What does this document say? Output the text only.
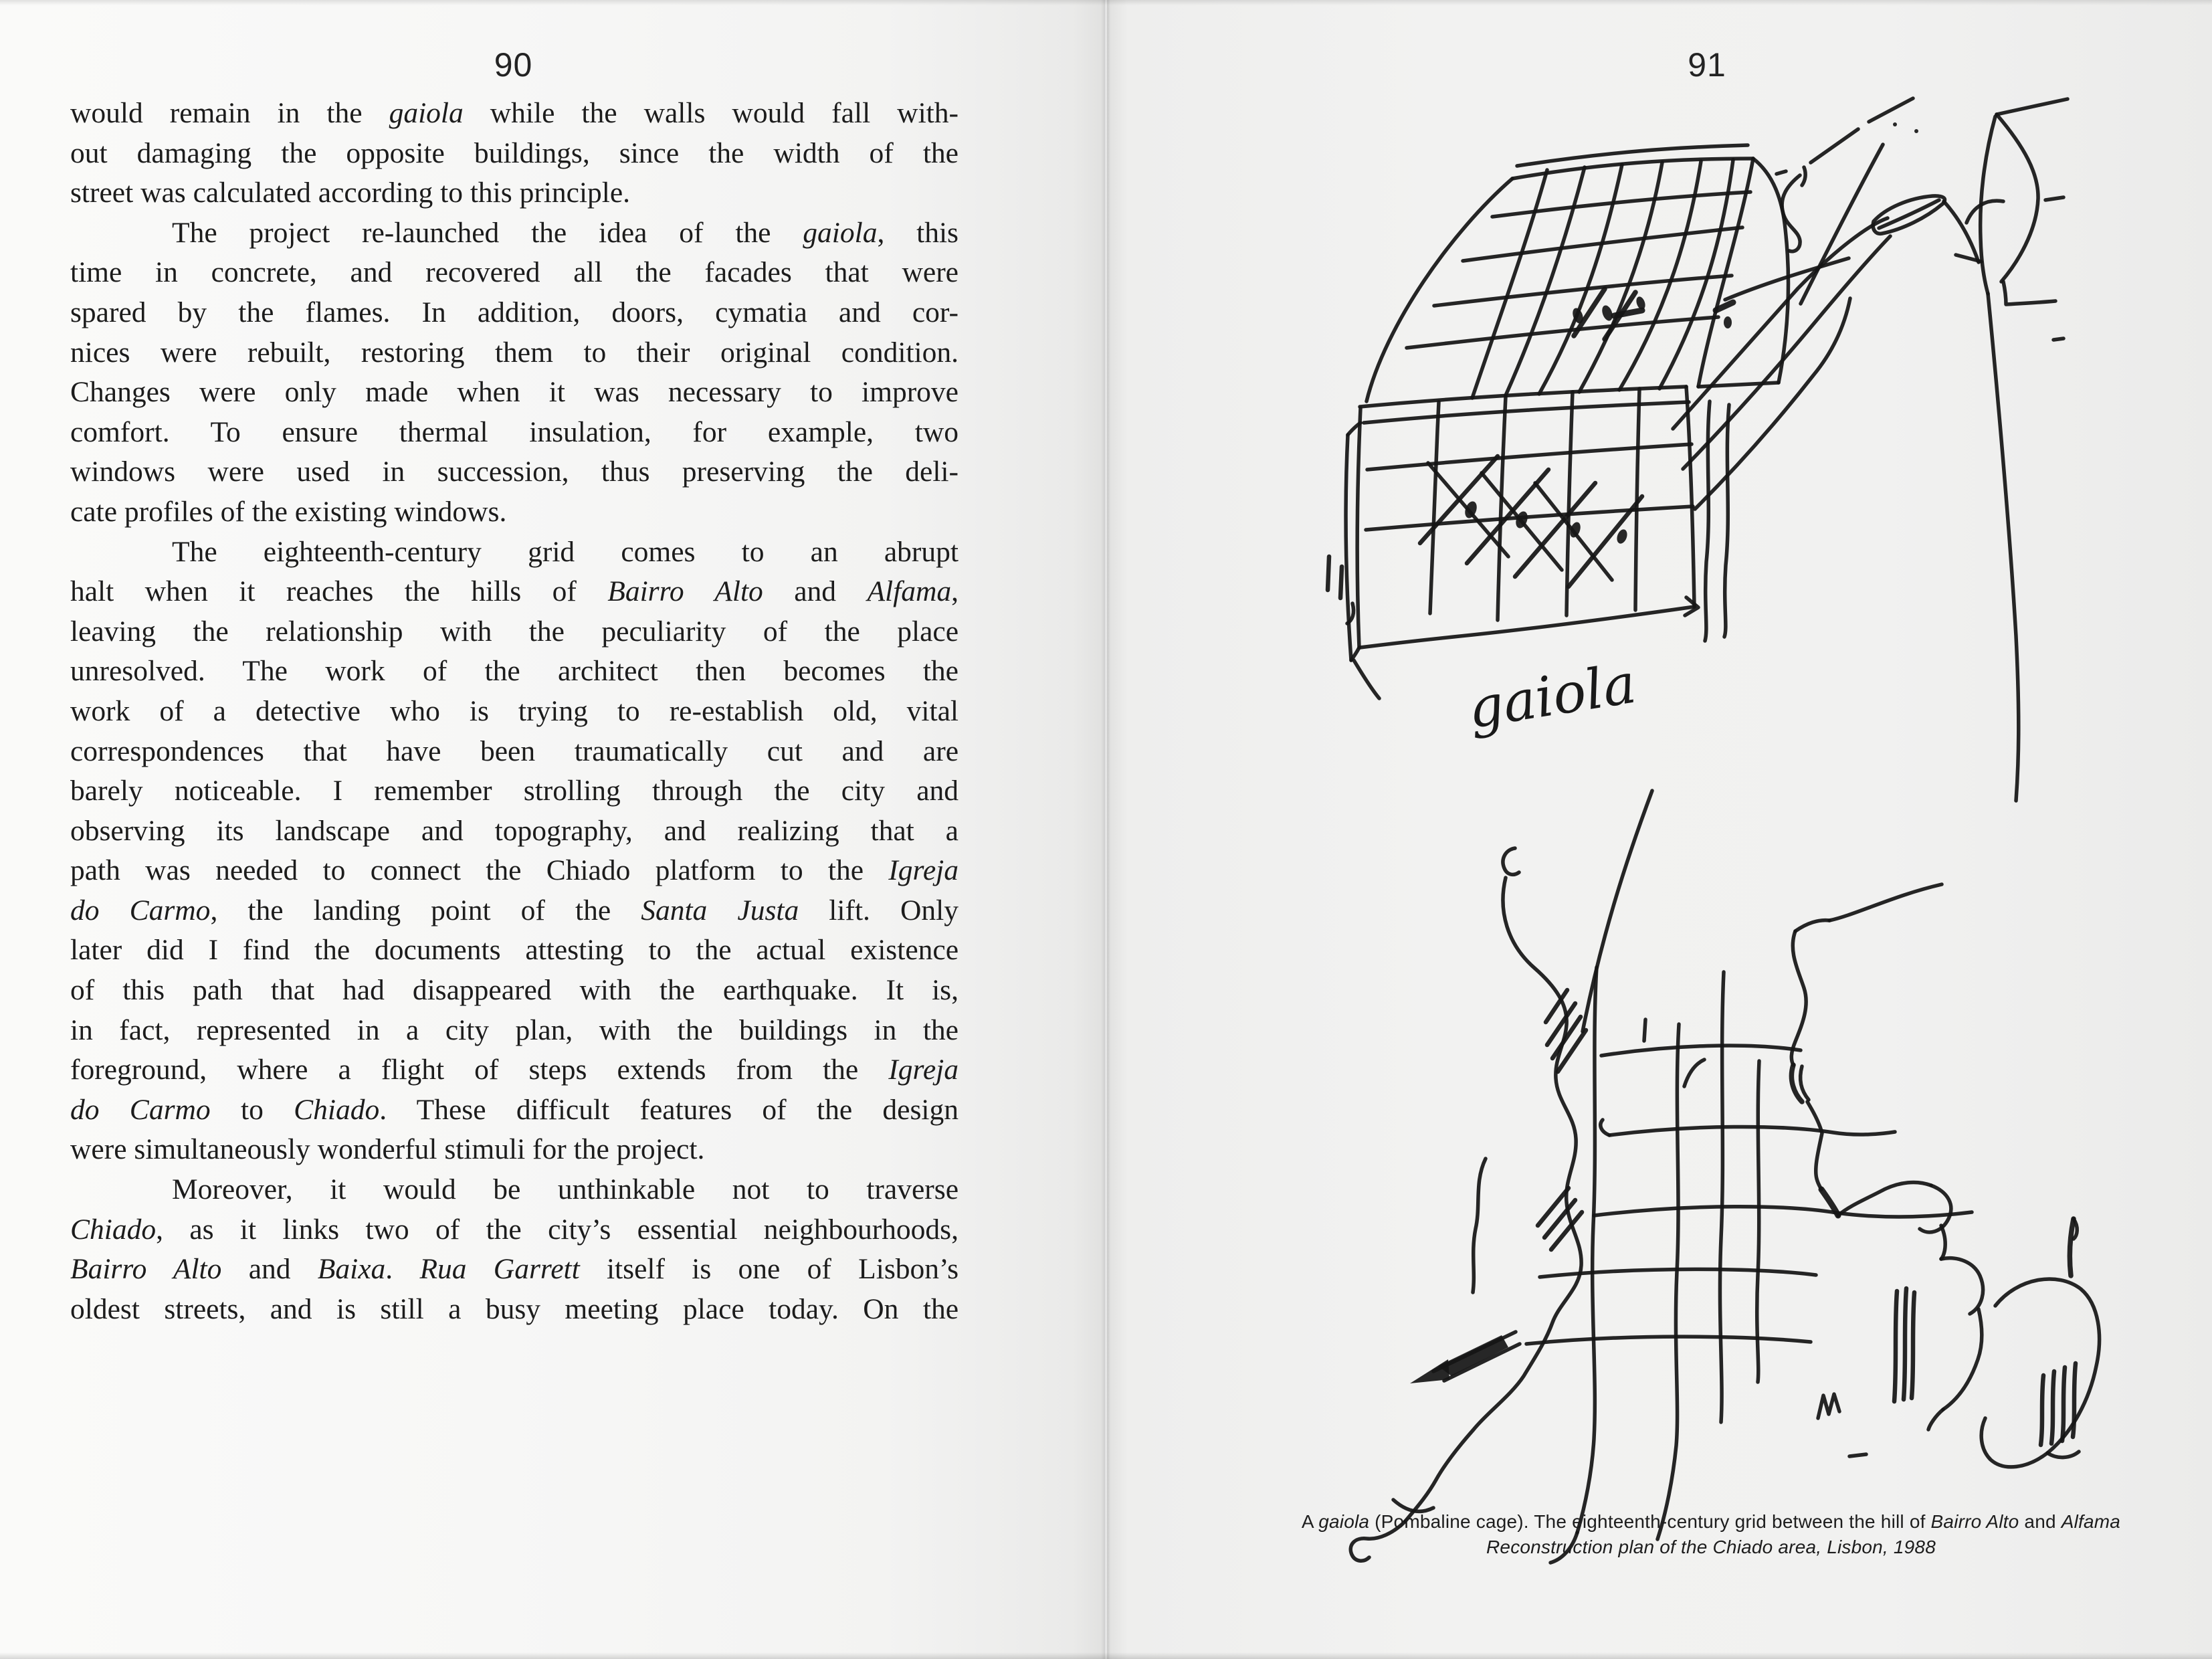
90
would remain in the gaiola while the walls would fall with-
out damaging the opposite buildings, since the width of the
street was calculated according to this principle.
The project re-launched the idea of the gaiola, this
time in concrete, and recovered all the facades that were
spared by the flames. In addition, doors, cymatia and cor-
nices were rebuilt, restoring them to their original condition.
Changes were only made when it was necessary to improve
comfort. To ensure thermal insulation, for example, two
windows were used in succession, thus preserving the deli-
cate profiles of the existing windows.
The eighteenth-century grid comes to an abrupt
halt when it reaches the hills of Bairro Alto and Alfama,
leaving the relationship with the peculiarity of the place
unresolved. The work of the architect then becomes the
work of a detective who is trying to re-establish old, vital
correspondences that have been traumatically cut and are
barely noticeable. I remember strolling through the city and
observing its landscape and topography, and realizing that a
path was needed to connect the Chiado platform to the Igreja
do Carmo, the landing point of the Santa Justa lift. Only
later did I find the documents attesting to the actual existence
of this path that had disappeared with the earthquake. It is,
in fact, represented in a city plan, with the buildings in the
foreground, where a flight of steps extends from the Igreja
do Carmo to Chiado. These difficult features of the design
were simultaneously wonderful stimuli for the project.
Moreover, it would be unthinkable not to traverse
Chiado, as it links two of the city’s essential neighbourhoods,
Bairro Alto and Baixa. Rua Garrett itself is one of Lisbon’s
oldest streets, and is still a busy meeting place today. On the
91
gaiola
A gaiola (Pombaline cage). The eighteenth-century grid between the hill of Bairro Alto and Alfama
Reconstruction plan of the Chiado area, Lisbon, 1988
